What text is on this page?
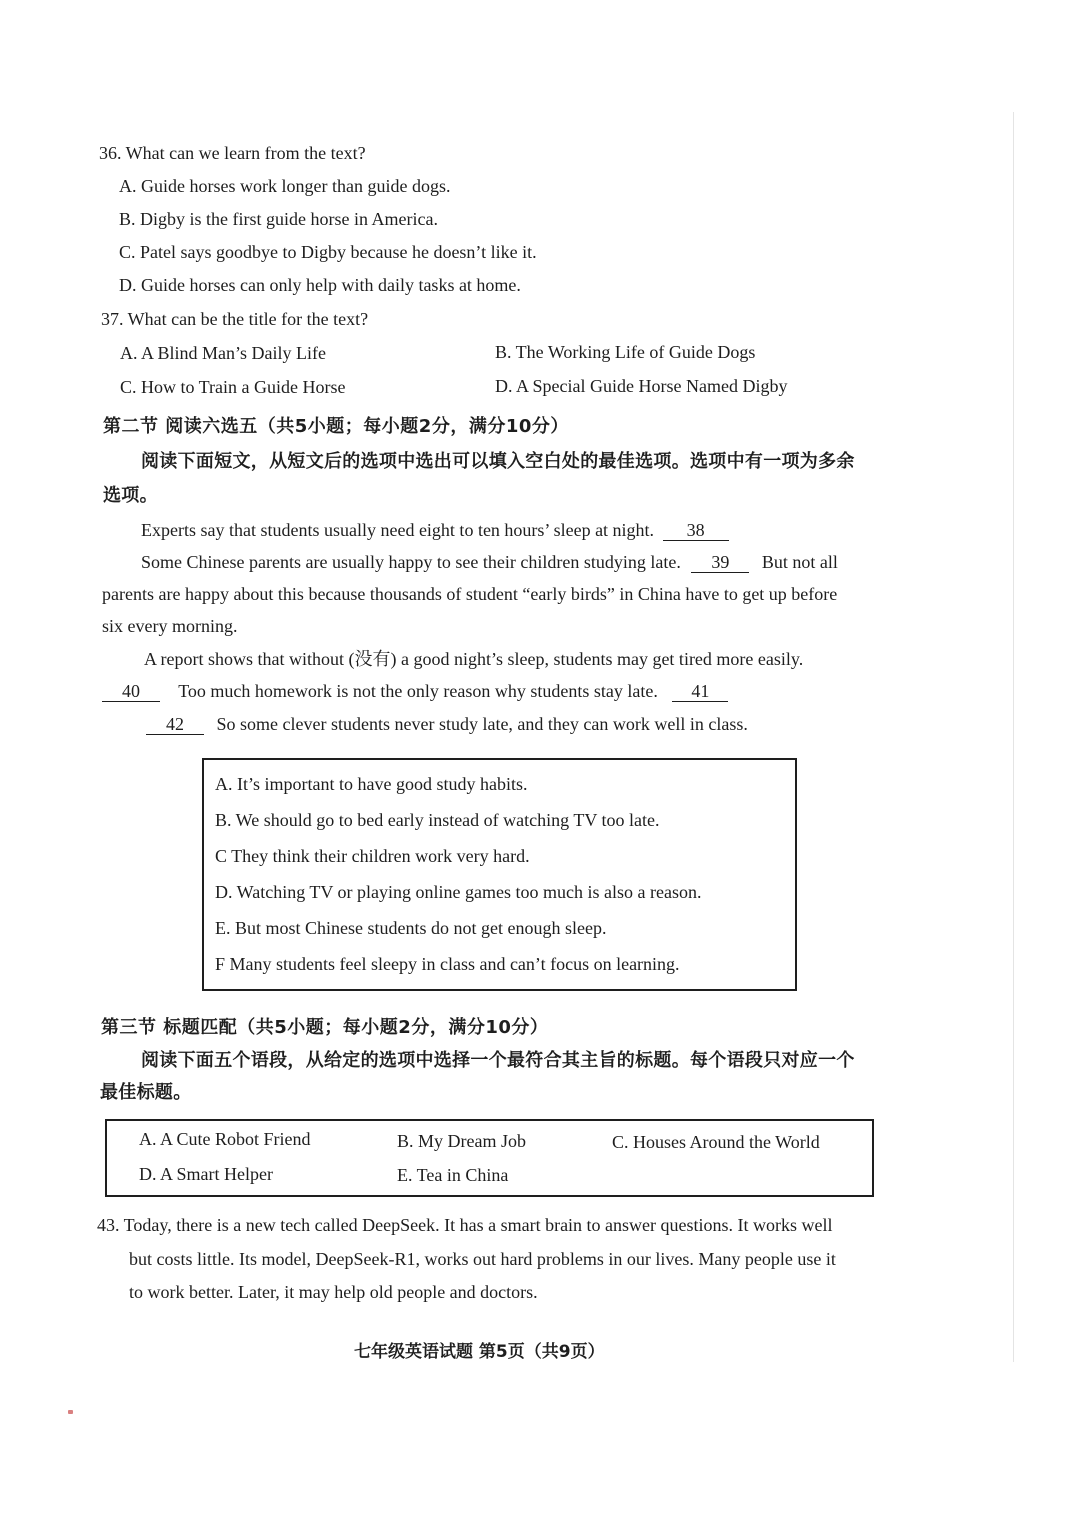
36. What can we learn from the text?
A. Guide horses work longer than guide dogs.
B. Digby is the first guide horse in America.
C. Patel says goodbye to Digby because he doesn’t like it.
D. Guide horses can only help with daily tasks at home.
37. What can be the title for the text?
A. A Blind Man’s Daily Life	B. The Working Life of Guide Dogs
C. How to Train a Guide Horse	D. A Special Guide Horse Named Digby
第二节 阅读六选五（共5小题；每小题2分，满分10分）
阅读下面短文，从短文后的选项中选出可以填入空白处的最佳选项。选项中有一项为多余
选项。
Experts say that students usually need eight to ten hours’ sleep at night. 38
Some Chinese parents are usually happy to see their children studying late. 39 But not all
parents are happy about this because thousands of student “early birds” in China have to get up before
six every morning.
A report shows that without (没有) a good night’s sleep, students may get tired more easily.
40 Too much homework is not the only reason why students stay late. 41
42 So some clever students never study late, and they can work well in class.
A. It’s important to have good study habits.
B. We should go to bed early instead of watching TV too late.
C They think their children work very hard.
D. Watching TV or playing online games too much is also a reason.
E. But most Chinese students do not get enough sleep.
F Many students feel sleepy in class and can’t focus on learning.
第三节 标题匹配（共5小题；每小题2分，满分10分）
阅读下面五个语段，从给定的选项中选择一个最符合其主旨的标题。每个语段只对应一个
最佳标题。
A. A Cute Robot Friend	B. My Dream Job	C. Houses Around the World
D. A Smart Helper	E. Tea in China
43. Today, there is a new tech called DeepSeek. It has a smart brain to answer questions. It works well
but costs little. Its model, DeepSeek-R1, works out hard problems in our lives. Many people use it
to work better. Later, it may help old people and doctors.
七年级英语试题 第5页（共9页）
